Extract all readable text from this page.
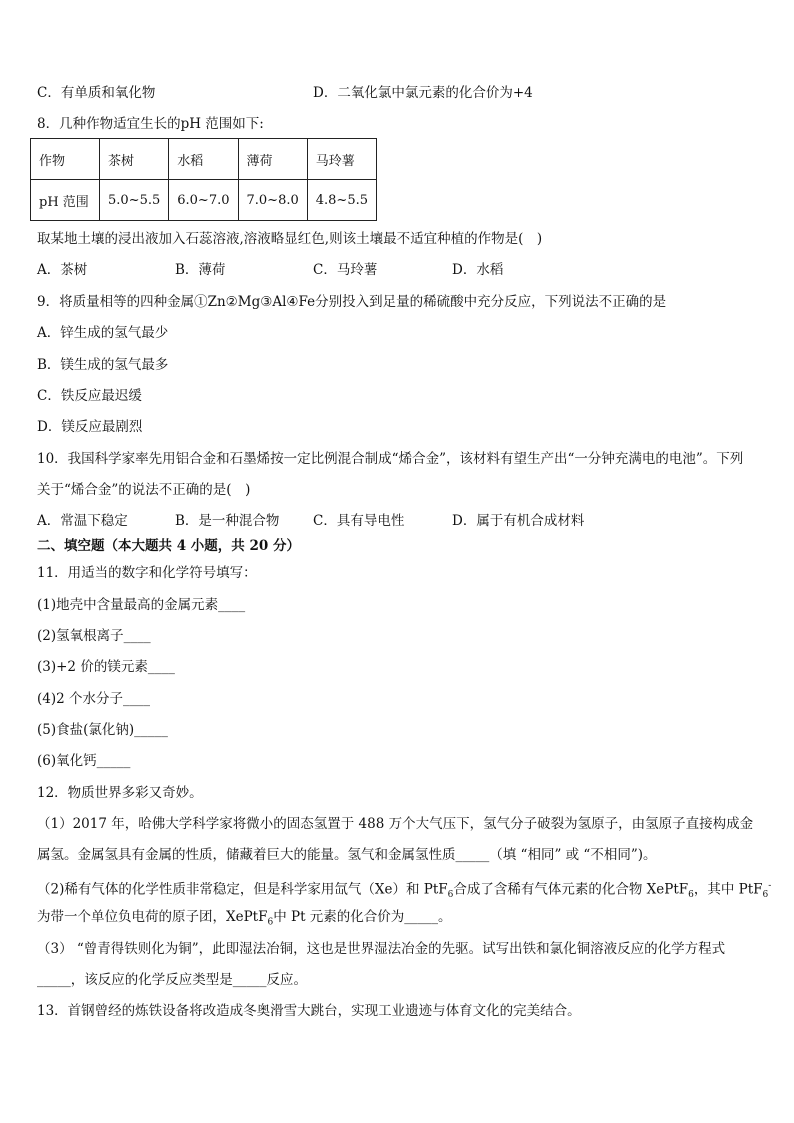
C．有单质和氧化物	D．二氧化氯中氯元素的化合价为+4
8．几种作物适宜生长的pH 范围如下:
作物	茶树	水稻	薄荷	马玲薯
pH 范围	5.0~5.5	6.0~7.0	7.0~8.0	4.8~5.5
取某地土壤的浸出液加入石蕊溶液,溶液略显红色,则该土壤最不适宜种植的作物是(　)
A．茶树	B．薄荷	C．马玲薯	D．水稻
9．将质量相等的四种金属①Zn②Mg③Al④Fe分别投入到足量的稀硫酸中充分反应，下列说法不正确的是
A．锌生成的氢气最少
B．镁生成的氢气最多
C．铁反应最迟缓
D．镁反应最剧烈
10．我国科学家率先用铝合金和石墨烯按一定比例混合制成“烯合金”，该材料有望生产出“一分钟充满电的电池”。下列
关于“烯合金”的说法不正确的是(　)
A．常温下稳定	B．是一种混合物 C．具有导电性	D．属于有机合成材料
二、填空题（本大题共 4 小题，共 20 分）
11．用适当的数字和化学符号填写：
(1)地壳中含量最高的金属元素____
(2)氢氧根离子____
(3)+2 价的镁元素____
(4)2 个水分子____
(5)食盐(氯化钠)_____
(6)氧化钙_____
12．物质世界多彩又奇妙。
（1）2017 年，哈佛大学科学家将微小的固态氢置于 488 万个大气压下，氢气分子破裂为氢原子，由氢原子直接构成金
属氢。金属氢具有金属的性质，储藏着巨大的能量。氢气和金属氢性质_____（填 “相同” 或 “不相同”)。
（2)稀有气体的化学性质非常稳定，但是科学家用氙气（Xe）和 PtF$_6$合成了含稀有气体元素的化合物 XePtF$_6$，其中 PtF$_6$-
为带一个单位负电荷的原子团，XePtF$_6$中 Pt 元素的化合价为_____。
（3） “曾青得铁则化为铜”，此即湿法冶铜，这也是世界湿法冶金的先驱。试写出铁和氯化铜溶液反应的化学方程式
_____，该反应的化学反应类型是_____反应。
13．首钢曾经的炼铁设备将改造成冬奥滑雪大跳台，实现工业遗迹与体育文化的完美结合。
